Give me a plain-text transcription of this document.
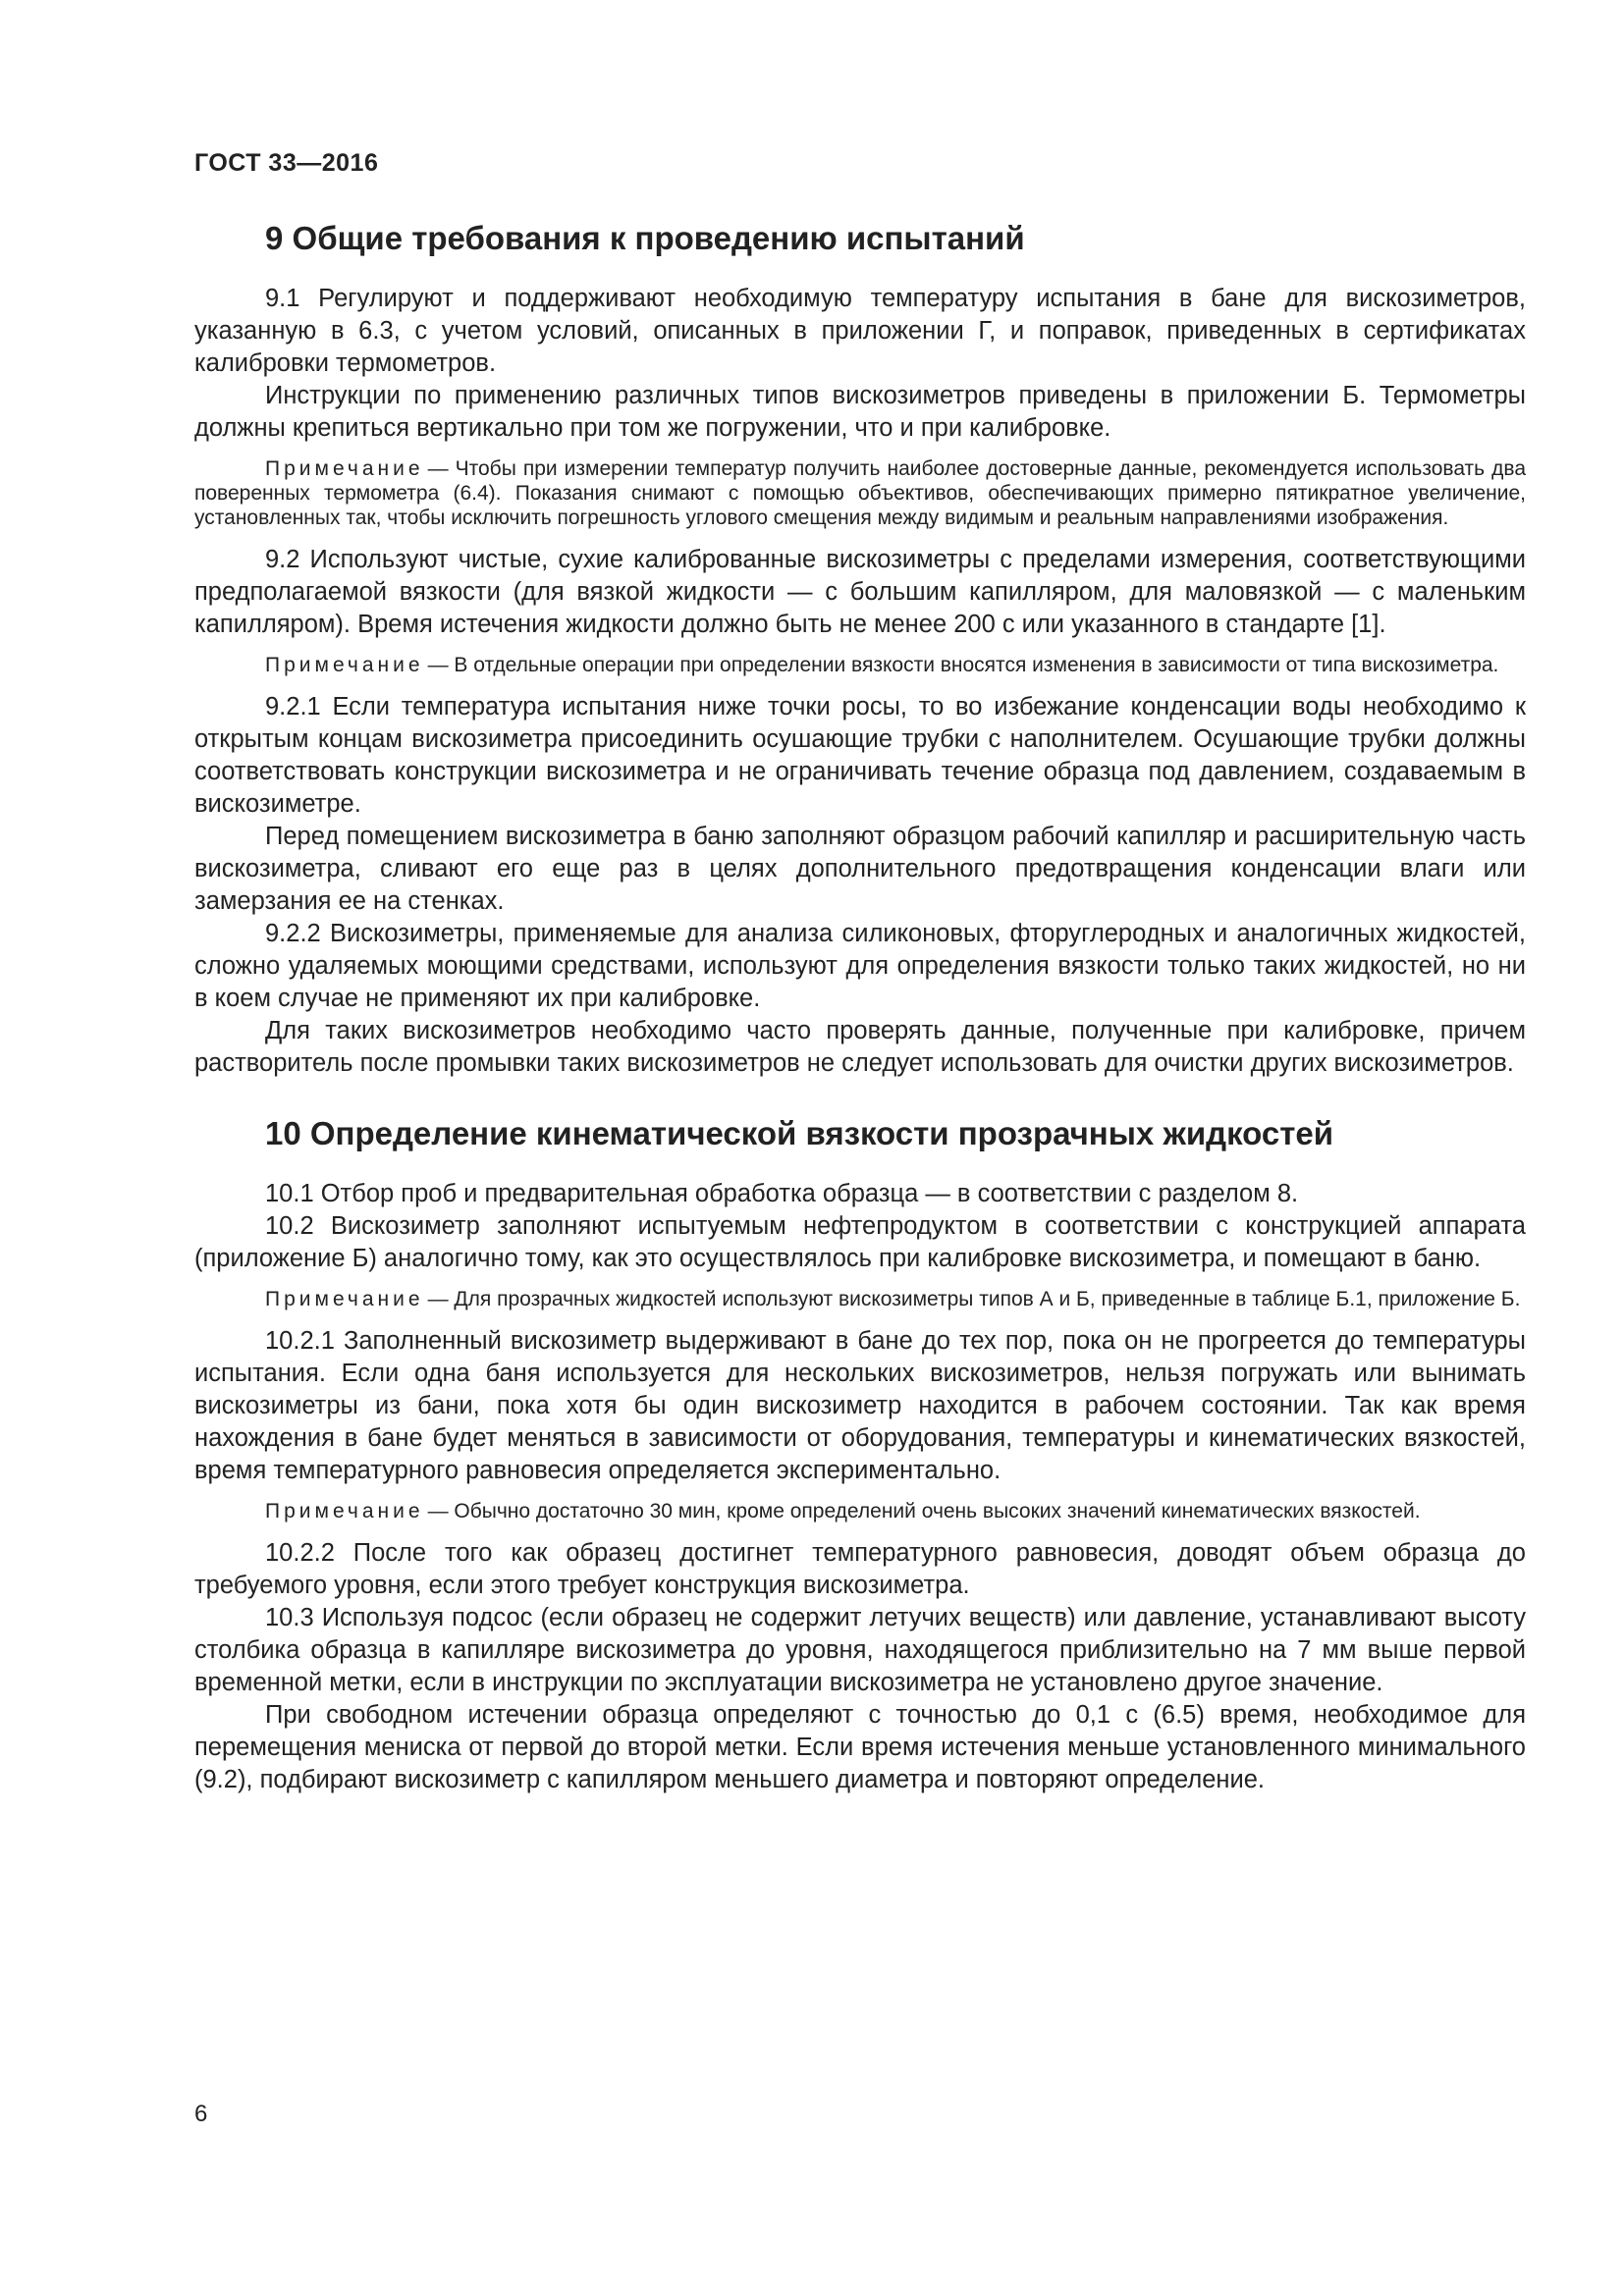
ГОСТ 33—2016
9 Общие требования к проведению испытаний

9.1 Регулируют и поддерживают необходимую температуру испытания в бане для вискозиметров, указанную в 6.3, с учетом условий, описанных в приложении Г, и поправок, приведенных в сертификатах калибровки термометров.

Инструкции по применению различных типов вискозиметров приведены в приложении Б. Термометры должны крепиться вертикально при том же погружении, что и при калибровке.

Примечание — Чтобы при измерении температур получить наиболее достоверные данные, рекомендуется использовать два поверенных термометра (6.4). Показания снимают с помощью объективов, обеспечивающих примерно пятикратное увеличение, установленных так, чтобы исключить погрешность углового смещения между видимым и реальным направлениями изображения.

9.2 Используют чистые, сухие калиброванные вискозиметры с пределами измерения, соответствующими предполагаемой вязкости (для вязкой жидкости — с большим капилляром, для маловязкой — с маленьким капилляром). Время истечения жидкости должно быть не менее 200 с или указанного в стандарте [1].

Примечание — В отдельные операции при определении вязкости вносятся изменения в зависимости от типа вискозиметра.

9.2.1 Если температура испытания ниже точки росы, то во избежание конденсации воды необходимо к открытым концам вискозиметра присоединить осушающие трубки с наполнителем. Осушающие трубки должны соответствовать конструкции вискозиметра и не ограничивать течение образца под давлением, создаваемым в вискозиметре.

Перед помещением вискозиметра в баню заполняют образцом рабочий капилляр и расширительную часть вискозиметра, сливают его еще раз в целях дополнительного предотвращения конденсации влаги или замерзания ее на стенках.

9.2.2 Вискозиметры, применяемые для анализа силиконовых, фторуглеродных и аналогичных жидкостей, сложно удаляемых моющими средствами, используют для определения вязкости только таких жидкостей, но ни в коем случае не применяют их при калибровке.

Для таких вискозиметров необходимо часто проверять данные, полученные при калибровке, причем растворитель после промывки таких вискозиметров не следует использовать для очистки других вискозиметров.

10 Определение кинематической вязкости прозрачных жидкостей

10.1 Отбор проб и предварительная обработка образца — в соответствии с разделом 8.

10.2 Вискозиметр заполняют испытуемым нефтепродуктом в соответствии с конструкцией аппарата (приложение Б) аналогично тому, как это осуществлялось при калибровке вискозиметра, и помещают в баню.

Примечание — Для прозрачных жидкостей используют вискозиметры типов А и Б, приведенные в таблице Б.1, приложение Б.

10.2.1 Заполненный вискозиметр выдерживают в бане до тех пор, пока он не прогреется до температуры испытания. Если одна баня используется для нескольких вискозиметров, нельзя погружать или вынимать вискозиметры из бани, пока хотя бы один вискозиметр находится в рабочем состоянии. Так как время нахождения в бане будет меняться в зависимости от оборудования, температуры и кинематических вязкостей, время температурного равновесия определяется экспериментально.

Примечание — Обычно достаточно 30 мин, кроме определений очень высоких значений кинематических вязкостей.

10.2.2 После того как образец достигнет температурного равновесия, доводят объем образца до требуемого уровня, если этого требует конструкция вискозиметра.

10.3 Используя подсос (если образец не содержит летучих веществ) или давление, устанавливают высоту столбика образца в капилляре вискозиметра до уровня, находящегося приблизительно на 7 мм выше первой временной метки, если в инструкции по эксплуатации вискозиметра не установлено другое значение.

При свободном истечении образца определяют с точностью до 0,1 с (6.5) время, необходимое для перемещения мениска от первой до второй метки. Если время истечения меньше установленного минимального (9.2), подбирают вискозиметр с капилляром меньшего диаметра и повторяют определение.

6
